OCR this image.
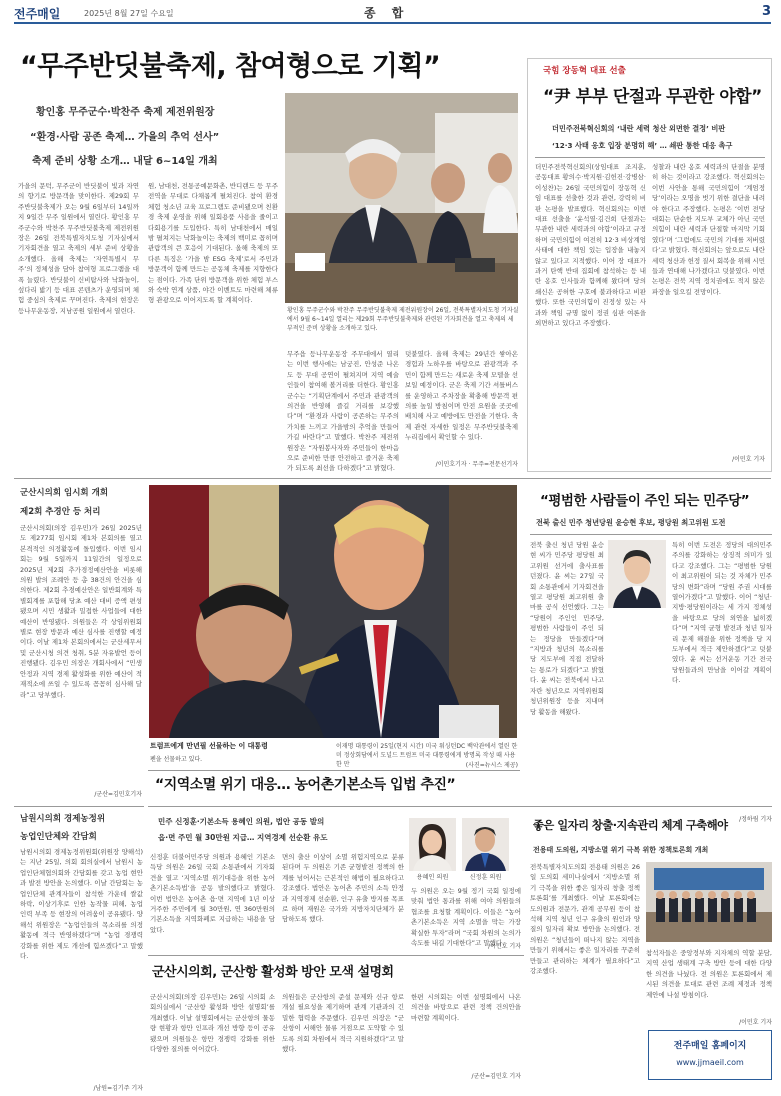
전주매일	2025년 8월 27일 수요일	종 합	3
“무주반딧불축제, 참여형으로 기획”
황인홍 무주군수·박찬주 축제 제전위원장
“환경·사람 공존 축제… 가을의 추억 선사”
축제 준비 상황 소개… 내달 6~14일 개최
가을의 문턱, 무주군이 반딧불이 빛과 자연의 향기로 방문객을 맞이한다. 제29회 무주반딧불축제가 오는 9월 6일부터 14일까지 9일간 무주 일원에서 열린다. 황인홍 무주군수와 박찬주 무주반딧불축제 제전위원장은 26일 전북특별자치도청 기자실에서 기자회견을 열고 축제의 세부 준비 상황을 소개했다. 올해 축제는 ‘자연특별시 무주’의 정체성을 담아 참여형 프로그램을 대폭 늘렸다. 반딧불이 신비탐사와 낙화놀이, 섶다리 밟기 등 대표 콘텐츠가 운영되며 체험 중심의 축제로 꾸며진다. 축제의 현장은 등나무운동장, 지남공원 일원에서 열린다.
원, 남대천, 전통공예문화촌, 반디랜드 등 무주 전역을 무대로 다채롭게 펼쳐진다. 참여 환경 체험 청소년 교육 프로그램도 준비됐으며 친환경 축제 운영을 위해 일회용품 사용을 줄이고 다회용기를 도입한다. 특히 남대천에서 매일 밤 펼쳐지는 낙화놀이는 축제의 백미로 꼽히며 관람객의 큰 호응이 기대된다. 올해 축제의 또 다른 특징은 ‘가을 밤 ESG 축제’로서 주민과 방문객이 함께 만드는 공동체 축제를 지향한다는 점이다. 가족 단위 방문객을 위한 체험 부스와 숙박 연계 상품, 야간 이벤트도 마련해 체류형 관광으로 이어지도록 할 계획이다.
황인홍 무주군수와 박찬주 무주반딧불축제 제전위원장이 26일, 전북특별자치도청 기자실에서 9월 6~14일 열리는 제29회 무주반딧불축제와 관련된 기자회견을 열고 축제의 세부적인 준비 상황을 소개하고 있다.
무주읍 등나무운동장 주무대에서 열리는 이번 행사에는 남궁진, 안성준 나온도 등 무대 공연이 펼쳐지며 지역 예술인들이 참여해 볼거리를 더한다. 황인홍 군수는 “기획단계에서 주민과 관광객의 의견을 반영해 즐길 거리를 보강했다”며 “환경과 사람이 공존하는 무주의 가치를 느끼고 가을밤의 추억을 만들어 가길 바란다”고 말했다. 박찬주 제전위원장은 “자원봉사자와 주민들이 한마음으로 준비한 만큼 안전하고 즐거운 축제가 되도록 최선을 다하겠다”고 밝혔다.
덧붙였다. 올해 축제는 29년간 쌓아온 경험과 노하우를 바탕으로 관광객과 주민이 함께 만드는 새로운 축제 모델을 선보일 예정이다. 군은 축제 기간 셔틀버스를 운영하고 주차장을 확충해 방문객 편의를 높일 방침이며 안전 요원을 곳곳에 배치해 사고 예방에도 만전을 기한다. 축제 관련 자세한 일정은 무주반딧불축제 누리집에서 확인할 수 있다.
/이민호기자 · 무주=전문선기자
국힘 장동혁 대표 선출
“尹 부부 단절과 무관한 야합”
더민주전북혁신회의 ‘내란 세력 청산 외면한 결정’ 비판
‘12·3 사태 옹호 입장 분명히 해’ … 쇄판 통한 대응 촉구
더민주전북혁신회의(상임대표 조지훈, 공동대표 황의수·박지원·김헌진·강병삼·이성찬)는 26일 국민의힘이 장동혁 신임 대표를 선출한 것과 관련, 강력히 비판 논평을 발표했다. 혁신회의는 이번 대표 선출을 ‘윤석열·김건희 단절과는 무관한 내란 세력과의 야합’이라고 규정하며 국민의힘이 여전히 12·3 비상계엄 사태에 대한 책임 있는 입장을 내놓지 않고 있다고 지적했다. 이어 장 대표가 과거 탄핵 반대 집회에 참석하는 등 내란 옹호 인사들과 함께해 왔다며 당의 쇄신은 공허한 구호에 불과하다고 비판했다. 또한 국민의힘이 진정성 있는 사과와 책임 규명 없이 정권 심판 여론을 외면하고 있다고 주장했다.
성찰과 내란 옹호 세력과의 단절을 분명히 하는 것이라고 강조했다. 혁신회의는 이번 사안을 통해 국민의힘이 ‘계엄정당’이라는 오명을 벗기 위한 결단을 내려야 한다고 주장했다. 논평은 ‘이번 전당대회는 단순한 지도부 교체가 아닌 국민의힘이 내란 세력과 단절할 마지막 기회였다’며 ‘그럼에도 국민의 기대를 저버렸다’고 밝혔다. 혁신회의는 앞으로도 내란 세력 청산과 헌정 질서 회복을 위해 시민들과 연대해 나가겠다고 덧붙였다. 이번 논평은 전북 지역 정치권에도 적지 않은 파장을 일으킬 전망이다.
/이민호 기자
군산시의회 임시회 개회
제2회 추경안 등 처리
군산시의회(의장 김우민)가 26일 2025년도 제277회 임시회 제1차 본회의를 열고 본격적인 의정활동에 돌입했다. 이번 임시회는 9월 5일까지 11일간의 일정으로 2025년 제2회 추가경정예산안을 비롯해 의원 발의 조례안 등 총 38건의 안건을 심의한다. 제2회 추경예산안은 일반회계와 특별회계를 포함해 당초 예산 대비 증액 편성됐으며 시민 생활과 밀접한 사업들에 대한 예산이 반영됐다. 의원들은 각 상임위원회별로 현장 방문과 예산 심사를 진행할 예정이다. 이날 제1차 본회의에서는 군산세무서 및 군산시청 의견 청취, 5분 자유발언 등이 진행됐다. 김우민 의장은 개회사에서 “민생 안정과 지역 경제 활성화를 위한 예산이 적재적소에 쓰일 수 있도록 꼼꼼히 심사해 달라”고 당부했다.
/군산=김민호기자
트럼프에게 만년필 선물하는 이 대통령
펜을 선물하고 있다.
이재명 대통령이 25일(현지 시간) 미국 워싱턴DC 백악관에서 열린 한미 정상회담에서 도널드 트럼프 미국 대통령에게 방명록 작성 때 사용한 만	(사진=뉴시스 제공)
“평범한 사람들이 주인 되는 민주당”
전북 출신 민주 청년당원 윤승현 후보, 평당원 최고위원 도전
전북 출신 청년 당원 윤승현 씨가 민주당 평당원 최고위원 선거에 출사표를 던졌다. 윤 씨는 27일 국회 소통관에서 기자회견을 열고 평당원 최고위원 출마를 공식 선언했다. 그는 “당원이 주인인 민주당, 평범한 사람들이 주인 되는 정당을 만들겠다”며 “지방과 청년의 목소리를 당 지도부에 직접 전달하는 통로가 되겠다”고 밝혔다. 윤 씨는 전북에서 나고 자란 청년으로 지역위원회 청년위원장 등을 지내며 당 활동을 해왔다.
특히 이번 도전은 정당의 대의민주주의를 강화하는 상징적 의미가 있다고 강조했다. 그는 “평범한 당원이 최고위원이 되는 것 자체가 민주당의 변화”라며 “당원 주권 시대를 열어가겠다”고 말했다. 이어 “청년·지방·평당원이라는 세 가지 정체성을 바탕으로 당의 외연을 넓히겠다”며 “지역 균형 발전과 청년 일자리 문제 해결을 위한 정책을 당 지도부에서 적극 제안하겠다”고 덧붙였다. 윤 씨는 선거운동 기간 전국 당원들과의 만남을 이어갈 계획이다.
/정하림 기자
“지역소멸 위기 대응… 농어촌기본소득 입법 추진”
민주 신정훈·기본소득 용혜인 의원, 법안 공동 발의
읍·면 주민 월 30만원 지급… 지역경제 선순환 유도
신정훈 더불어민주당 의원과 용혜인 기본소득당 의원은 26일 국회 소통관에서 기자회견을 열고 ‘지역소멸 위기대응을 위한 농어촌기본소득법’을 공동 발의했다고 밝혔다. 이번 법안은 농어촌 읍·면 지역에 1년 이상 거주한 주민에게 월 30만원, 연 360만원의 기본소득을 지역화폐로 지급하는 내용을 담았다.
면의 출산 이상이 소멸 위험지역으로 분류된다며 두 의원은 기존 균형발전 정책의 한계를 넘어서는 근본적인 해법이 필요하다고 강조했다. 법안은 농어촌 주민의 소득 안정과 지역경제 선순환, 인구 유출 방지를 목표로 하며 재원은 국가와 지방자치단체가 분담하도록 했다.
용혜인 의원	신정훈 의원
두 의원은 오는 9월 정기 국회 일정에 맞춰 법안 통과를 위해 여야 의원들의 협조를 요청할 계획이다. 이들은 “농어촌기본소득은 지역 소멸을 막는 가장 확실한 투자”라며 “국회 차원의 논의가 속도를 내길 기대한다”고 말했다.
/이민호 기자
남원시의회 경제농정위
농업인단체와 간담회
남원시의회 경제농정위원회(위원장 양해석)는 지난 25일, 의회 회의실에서 남원시 농업인단체협의회와 간담회를 갖고 농업 현안과 발전 방안을 논의했다. 이날 간담회는 농업인단체 관계자들이 참석한 가운데 쌀값 하락, 이상기후로 인한 농작물 피해, 농업 인력 부족 등 현장의 어려움이 공유됐다. 양해석 위원장은 “농업인들의 목소리를 의정활동에 적극 반영하겠다”며 “농업 경쟁력 강화를 위한 제도 개선에 힘쓰겠다”고 말했다.
/남원=김기주 기자
군산시의회, 군산항 활성화 방안 모색 설명회
군산시의회(의장 김우민)는 26일 시의회 소회의실에서 ‘군산항 활성화 방안 설명회’를 개최했다. 이날 설명회에서는 군산항의 물동량 현황과 항만 인프라 개선 방향 등이 공유됐으며 의원들은 항만 경쟁력 강화를 위한 다양한 질의를 이어갔다.
의원들은 군산항의 준설 문제와 신규 항로 개설 필요성을 제기하며 관계 기관과의 긴밀한 협력을 주문했다. 김우민 의장은 “군산항이 서해안 물류 거점으로 도약할 수 있도록 의회 차원에서 적극 지원하겠다”고 말했다.
한편 시의회는 이번 설명회에서 나온 의견을 바탕으로 관련 정책 건의안을 마련할 계획이다.
/군산=김민호 기자
좋은 일자리 창출·지속관리 체계 구축해야
전용태 도의원, 지방소멸 위기 극복 위한 정책토론회 개최
전북특별자치도의회 전용태 의원은 26일 도의회 세미나실에서 ‘지방소멸 위기 극복을 위한 좋은 일자리 창출 정책토론회’를 개최했다. 이날 토론회에는 도의원과 전문가, 관계 공무원 등이 참석해 지역 청년 인구 유출의 원인과 양질의 일자리 확보 방안을 논의했다. 전 의원은 “청년들이 떠나지 않는 지역을 만들기 위해서는 좋은 일자리를 꾸준히 만들고 관리하는 체계가 필요하다”고 강조했다.
참석자들은 중앙정부와 지자체의 역할 분담, 지역 산업 생태계 구축 방안 등에 대한 다양한 의견을 나눴다. 전 의원은 토론회에서 제시된 의견을 토대로 관련 조례 제정과 정책 제안에 나설 방침이다.
/이민호 기자
전주매일 홈페이지
www.jjmaeil.com
